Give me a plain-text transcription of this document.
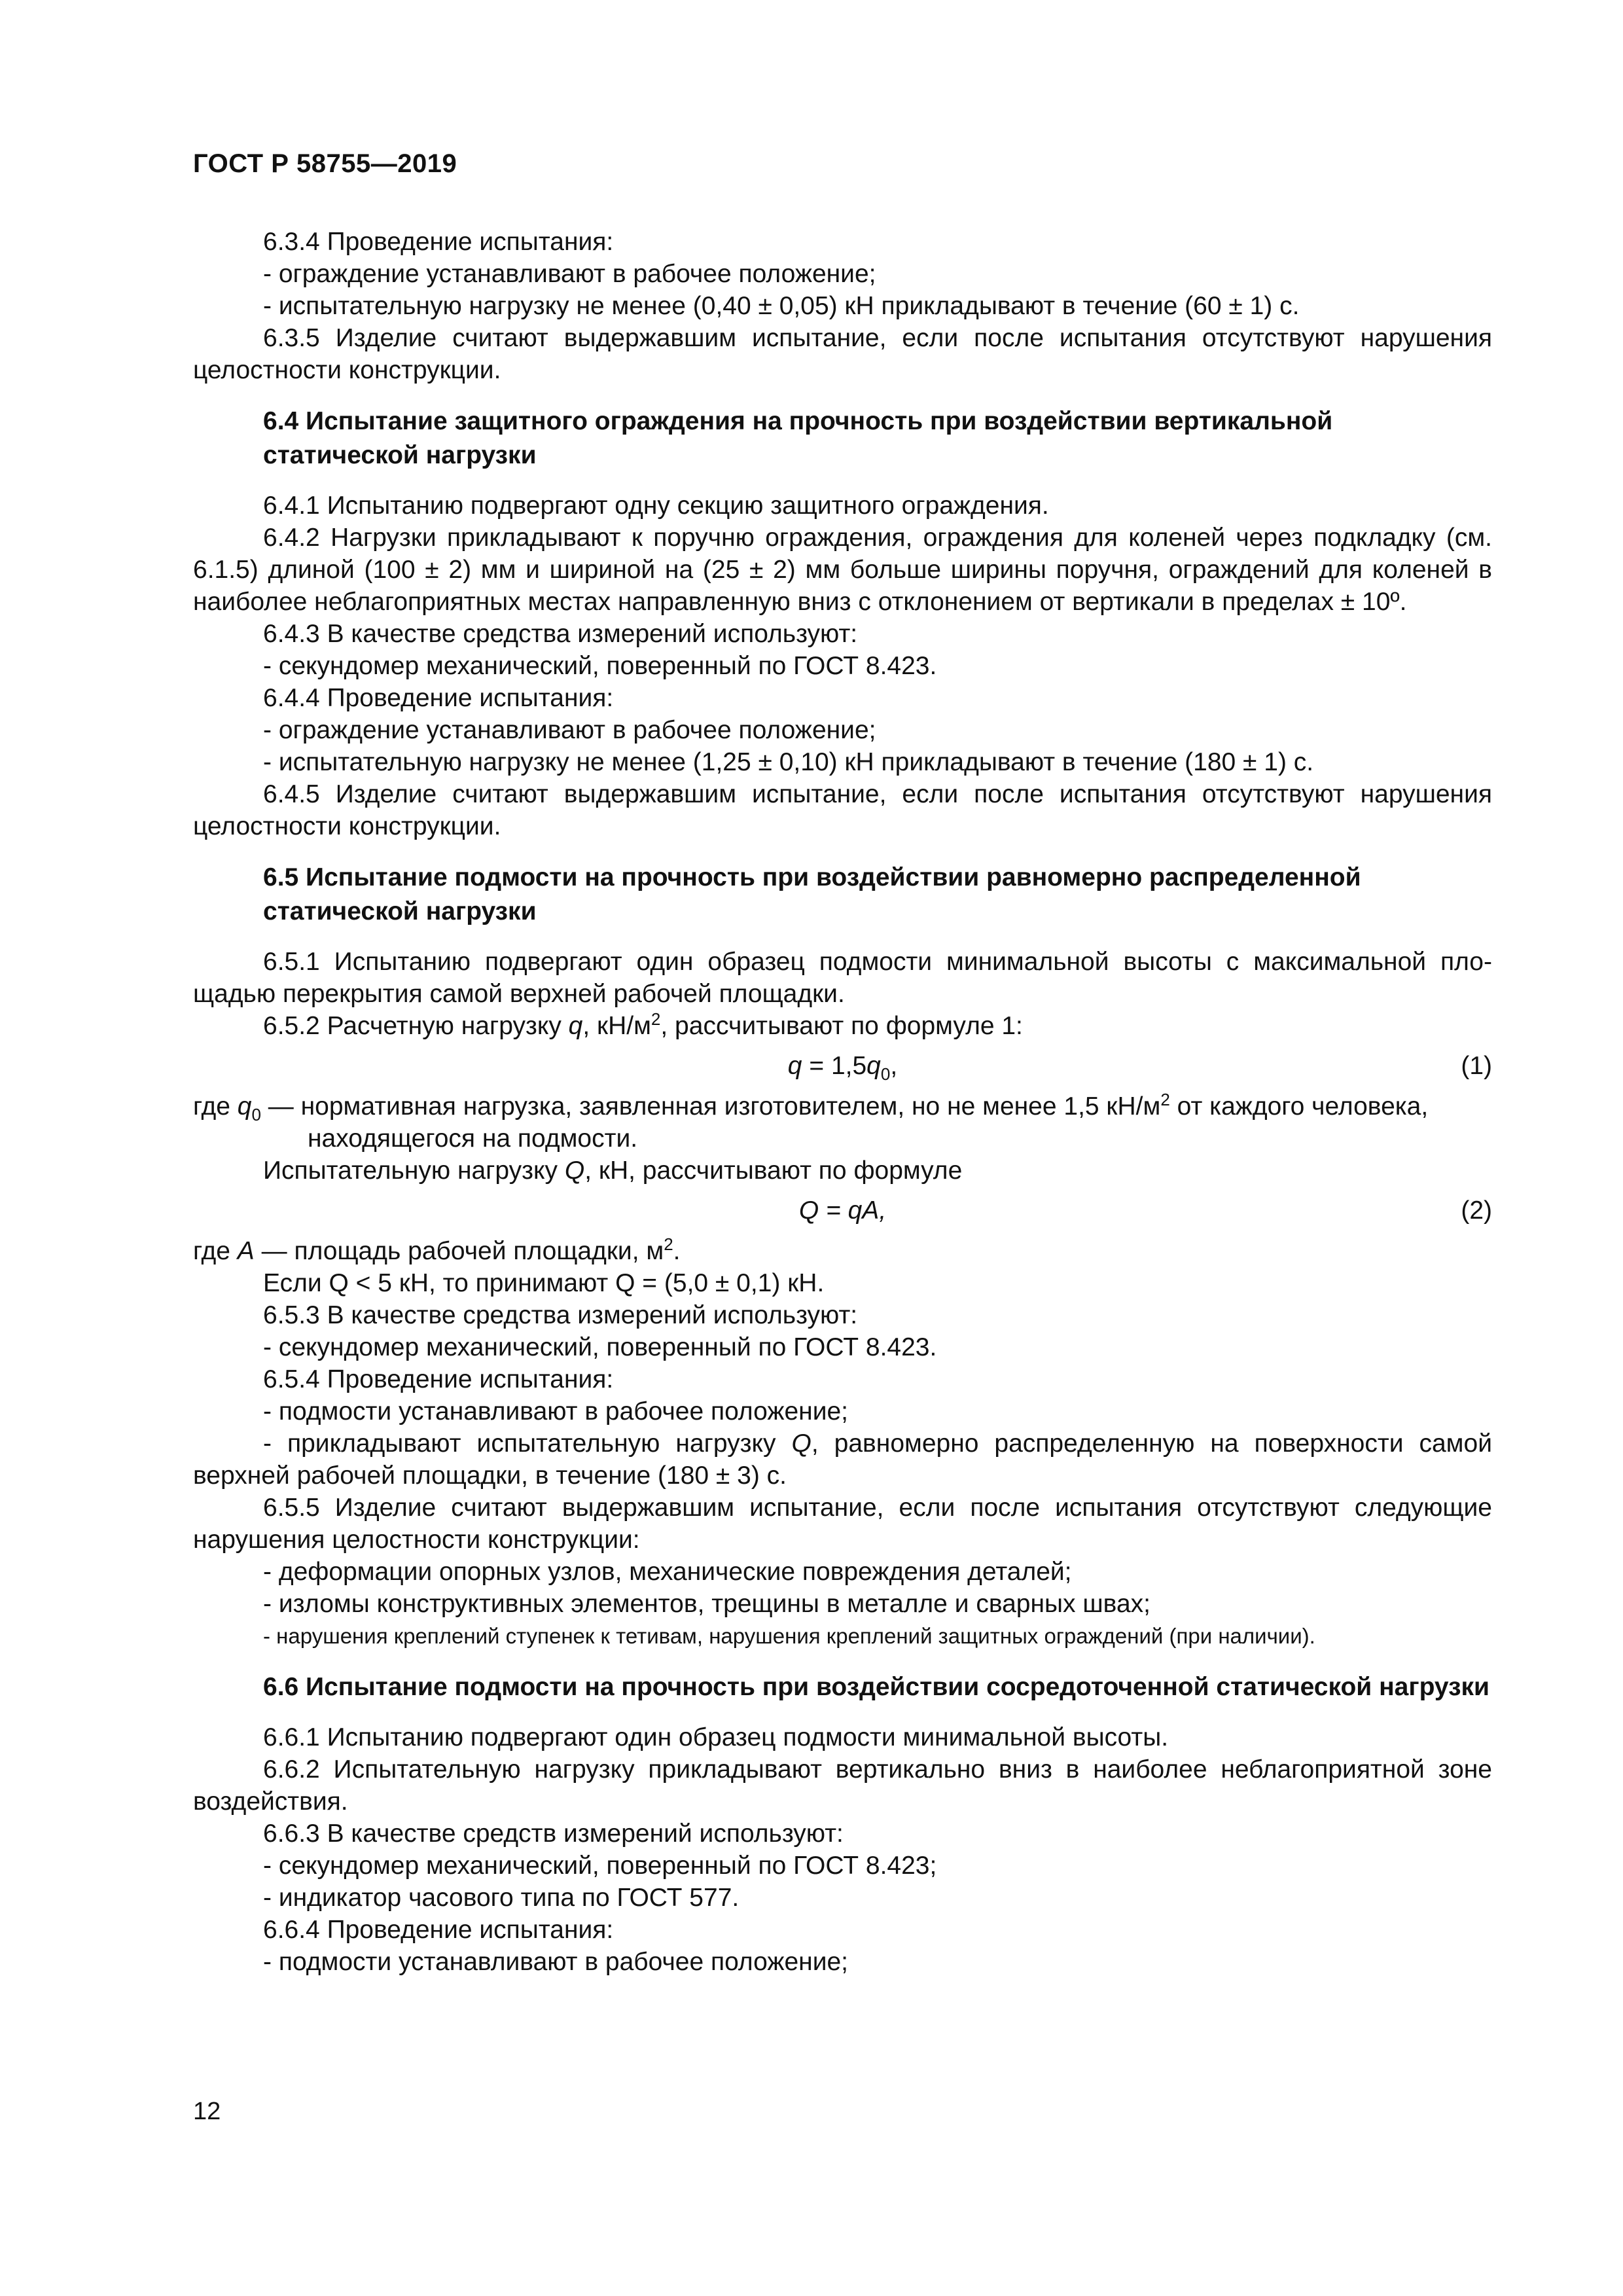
ГОСТ Р 58755—2019

6.3.4 Проведение испытания:

- ограждение устанавливают в рабочее положение;

- испытательную нагрузку не менее (0,40 ± 0,05) кН прикладывают в течение (60 ± 1) с.

6.3.5 Изделие считают выдержавшим испытание, если после испытания отсутствуют нарушения целостности конструкции.

6.4 Испытание защитного ограждения на прочность при воздействии вертикальной статической нагрузки

6.4.1 Испытанию подвергают одну секцию защитного ограждения.

6.4.2 Нагрузки прикладывают к поручню ограждения, ограждения для коленей через подкладку (см. 6.1.5) длиной (100 ± 2) мм и шириной на (25 ± 2) мм больше ширины поручня, ограждений для коленей в наиболее неблагоприятных местах направленную вниз с отклонением от вертикали в пределах ± 10º.

6.4.3 В качестве средства измерений используют:

- секундомер механический, поверенный по ГОСТ 8.423.

6.4.4 Проведение испытания:

- ограждение устанавливают в рабочее положение;

- испытательную нагрузку не менее (1,25 ± 0,10) кН прикладывают в течение (180 ± 1) с.

6.4.5 Изделие считают выдержавшим испытание, если после испытания отсутствуют нарушения целостности конструкции.

6.5 Испытание подмости на прочность при воздействии равномерно распределенной статической нагрузки

6.5.1 Испытанию подвергают один образец подмости минимальной высоты с максимальной площадью перекрытия самой верхней рабочей площадки.

6.5.2 Расчетную нагрузку q, $кН/м^2$, рассчитывают по формуле 1:

$q = 1,5q_0$,	(1)

где $q_0$ — нормативная нагрузка, заявленная изготовителем, но не менее 1,5 $кН/м^2$ от каждого человека, находящегося на подмости.

Испытательную нагрузку Q, кН, рассчитывают по формуле

Q = qA,	(2)

где A — площадь рабочей площадки, $м^2$.

Если Q < 5 кН, то принимают Q = (5,0 ± 0,1) кН.

6.5.3 В качестве средства измерений используют:

- секундомер механический, поверенный по ГОСТ 8.423.

6.5.4 Проведение испытания:

- подмости устанавливают в рабочее положение;

- прикладывают испытательную нагрузку Q, равномерно распределенную на поверхности самой верхней рабочей площадки, в течение (180 ± 3) с.

6.5.5 Изделие считают выдержавшим испытание, если после испытания отсутствуют следующие нарушения целостности конструкции:

- деформации опорных узлов, механические повреждения деталей;

- изломы конструктивных элементов, трещины в металле и сварных швах;

- нарушения креплений ступенек к тетивам, нарушения креплений защитных ограждений (при наличии).

6.6 Испытание подмости на прочность при воздействии сосредоточенной статической нагрузки

6.6.1 Испытанию подвергают один образец подмости минимальной высоты.

6.6.2 Испытательную нагрузку прикладывают вертикально вниз в наиболее неблагоприятной зоне воздействия.

6.6.3 В качестве средств измерений используют:

- секундомер механический, поверенный по ГОСТ 8.423;

- индикатор часового типа по ГОСТ 577.

6.6.4 Проведение испытания:

- подмости устанавливают в рабочее положение;

12
